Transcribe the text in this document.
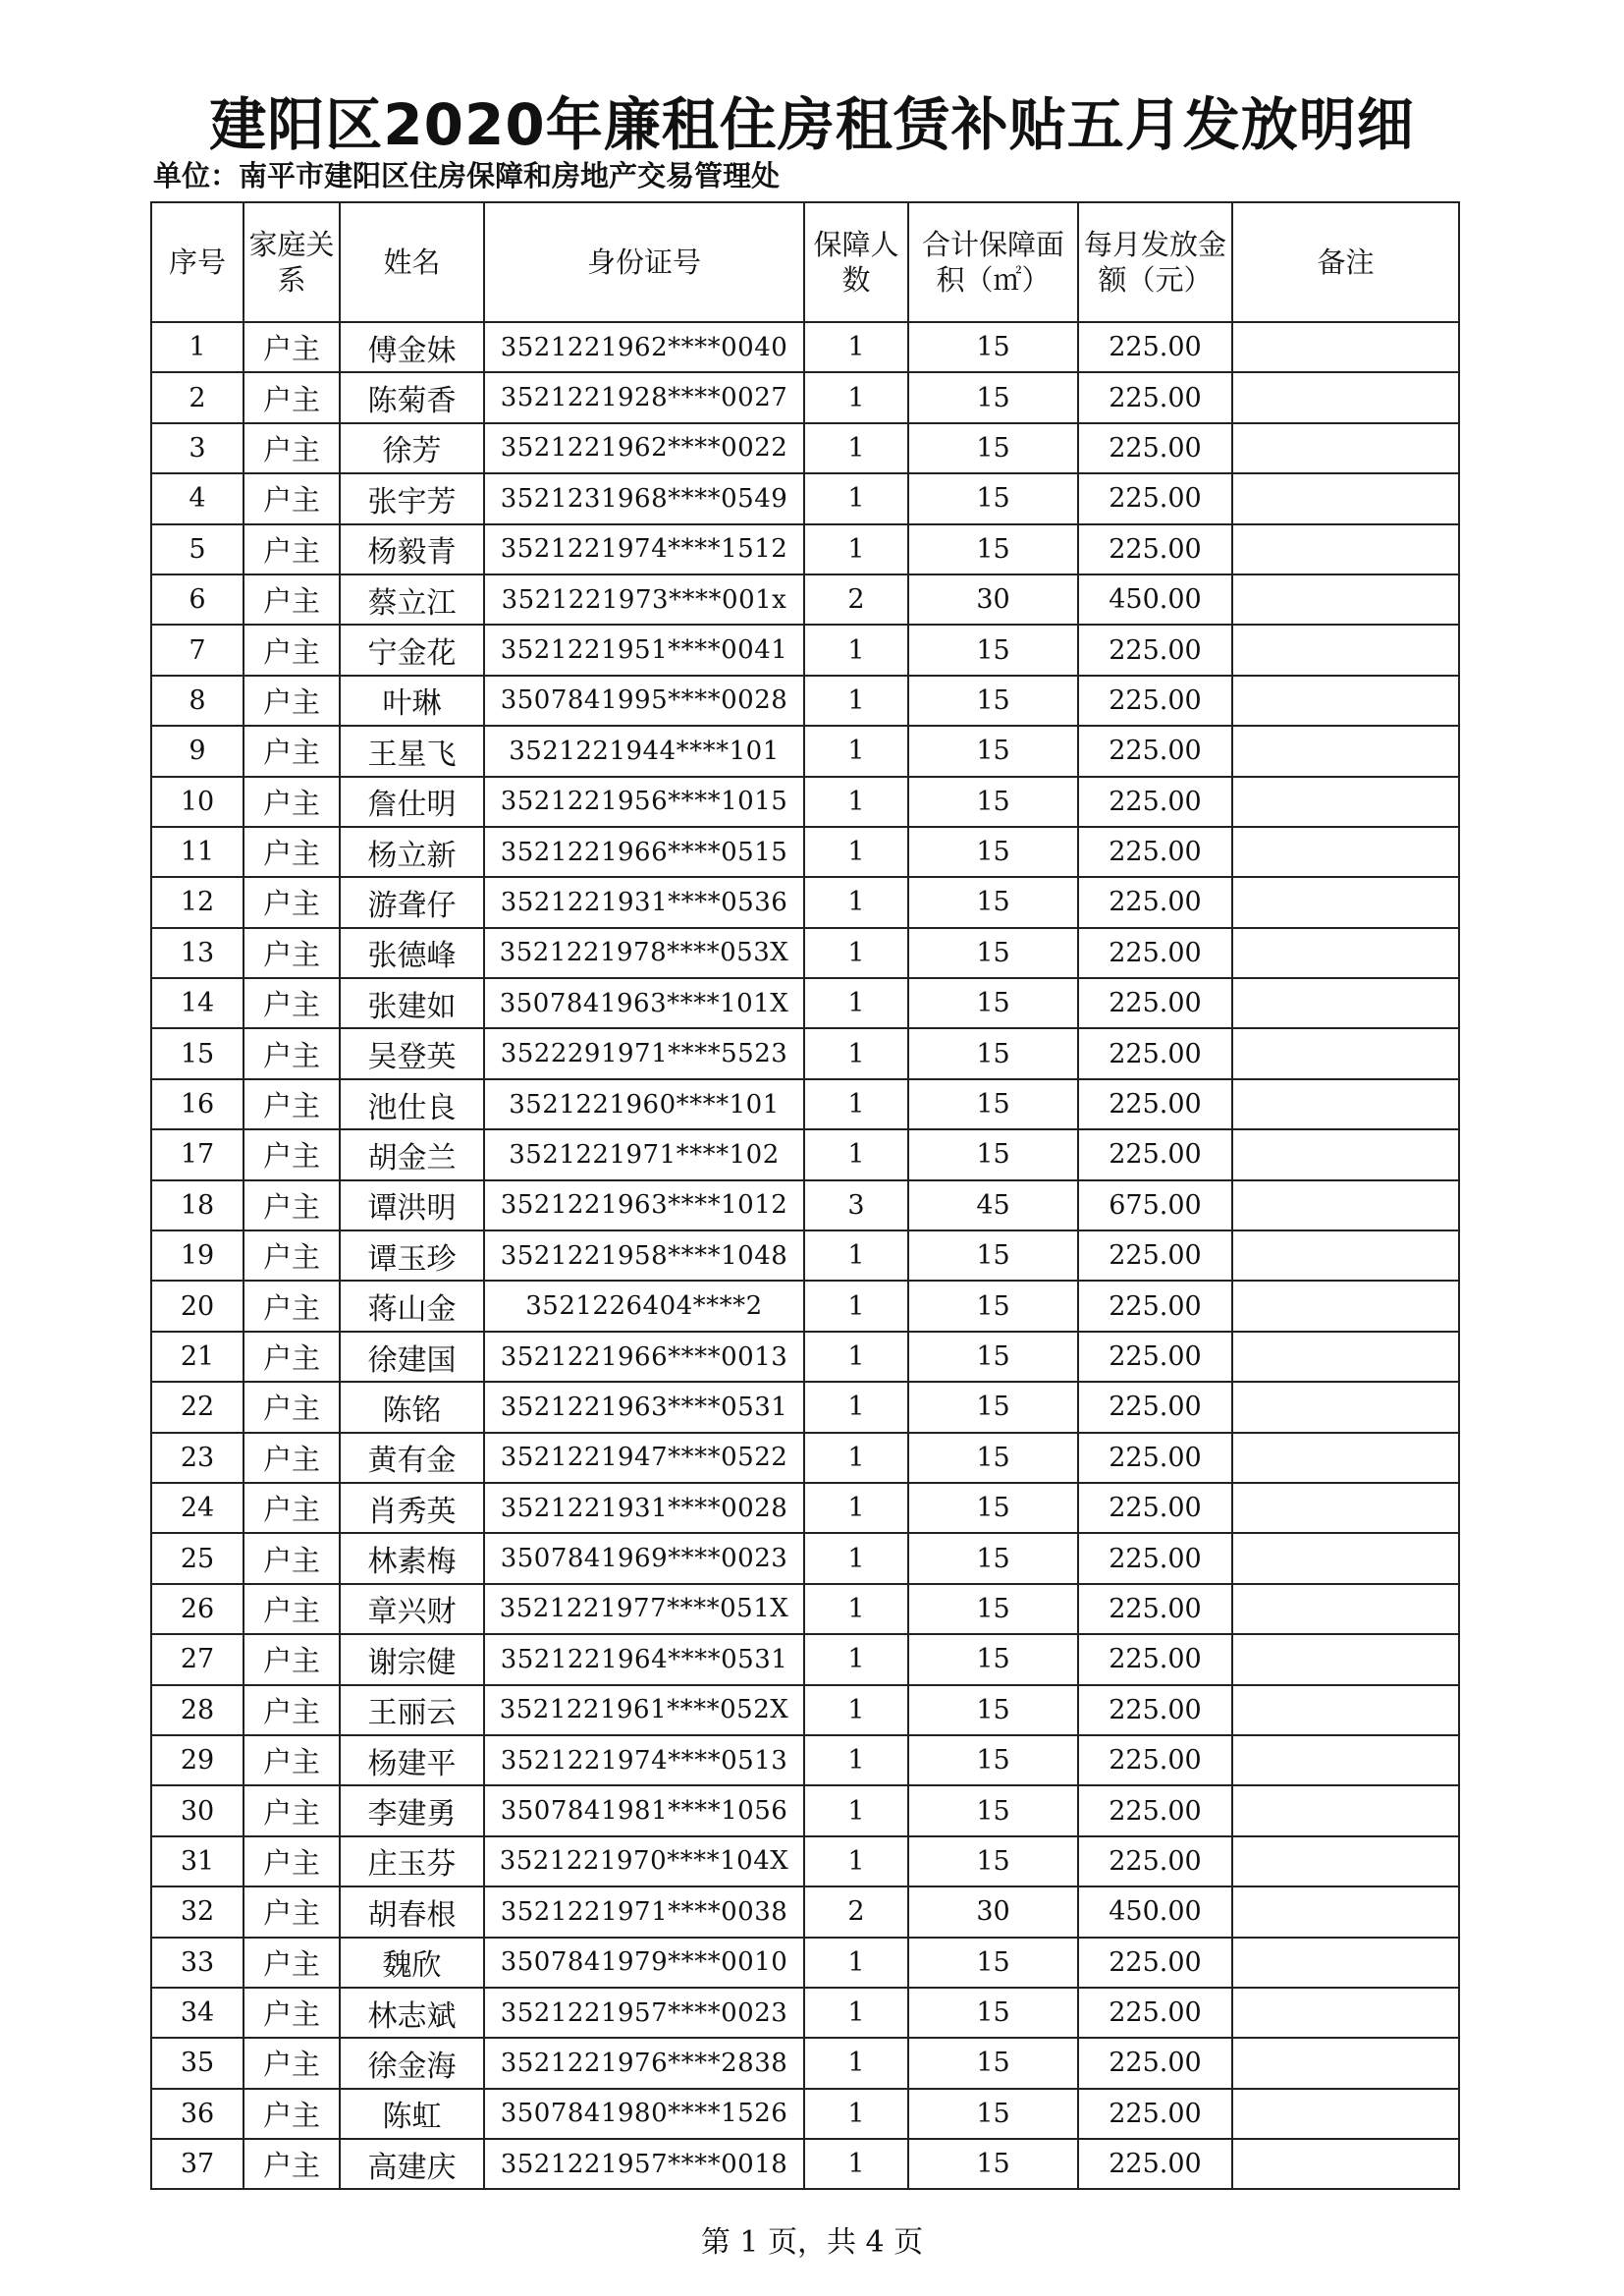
建阳区2020年廉租住房租赁补贴五月发放明细
单位：南平市建阳区住房保障和房地产交易管理处
序号	家庭关系	姓名	身份证号	保障人数	合计保障面积（㎡）	每月发放金额（元）	备注
1	户主	傅金妹	3521221962****0040	1	15	225.00	
2	户主	陈菊香	3521221928****0027	1	15	225.00	
3	户主	徐芳	3521221962****0022	1	15	225.00	
4	户主	张宇芳	3521231968****0549	1	15	225.00	
5	户主	杨毅青	3521221974****1512	1	15	225.00	
6	户主	蔡立江	3521221973****001x	2	30	450.00	
7	户主	宁金花	3521221951****0041	1	15	225.00	
8	户主	叶琳	3507841995****0028	1	15	225.00	
9	户主	王星飞	3521221944****101	1	15	225.00	
10	户主	詹仕明	3521221956****1015	1	15	225.00	
11	户主	杨立新	3521221966****0515	1	15	225.00	
12	户主	游聋仔	3521221931****0536	1	15	225.00	
13	户主	张德峰	3521221978****053X	1	15	225.00	
14	户主	张建如	3507841963****101X	1	15	225.00	
15	户主	吴登英	3522291971****5523	1	15	225.00	
16	户主	池仕良	3521221960****101	1	15	225.00	
17	户主	胡金兰	3521221971****102	1	15	225.00	
18	户主	谭洪明	3521221963****1012	3	45	675.00	
19	户主	谭玉珍	3521221958****1048	1	15	225.00	
20	户主	蒋山金	3521226404****2	1	15	225.00	
21	户主	徐建国	3521221966****0013	1	15	225.00	
22	户主	陈铭	3521221963****0531	1	15	225.00	
23	户主	黄有金	3521221947****0522	1	15	225.00	
24	户主	肖秀英	3521221931****0028	1	15	225.00	
25	户主	林素梅	3507841969****0023	1	15	225.00	
26	户主	章兴财	3521221977****051X	1	15	225.00	
27	户主	谢宗健	3521221964****0531	1	15	225.00	
28	户主	王丽云	3521221961****052X	1	15	225.00	
29	户主	杨建平	3521221974****0513	1	15	225.00	
30	户主	李建勇	3507841981****1056	1	15	225.00	
31	户主	庄玉芬	3521221970****104X	1	15	225.00	
32	户主	胡春根	3521221971****0038	2	30	450.00	
33	户主	魏欣	3507841979****0010	1	15	225.00	
34	户主	林志斌	3521221957****0023	1	15	225.00	
35	户主	徐金海	3521221976****2838	1	15	225.00	
36	户主	陈虹	3507841980****1526	1	15	225.00	
37	户主	高建庆	3521221957****0018	1	15	225.00	
第 1 页，共 4 页
